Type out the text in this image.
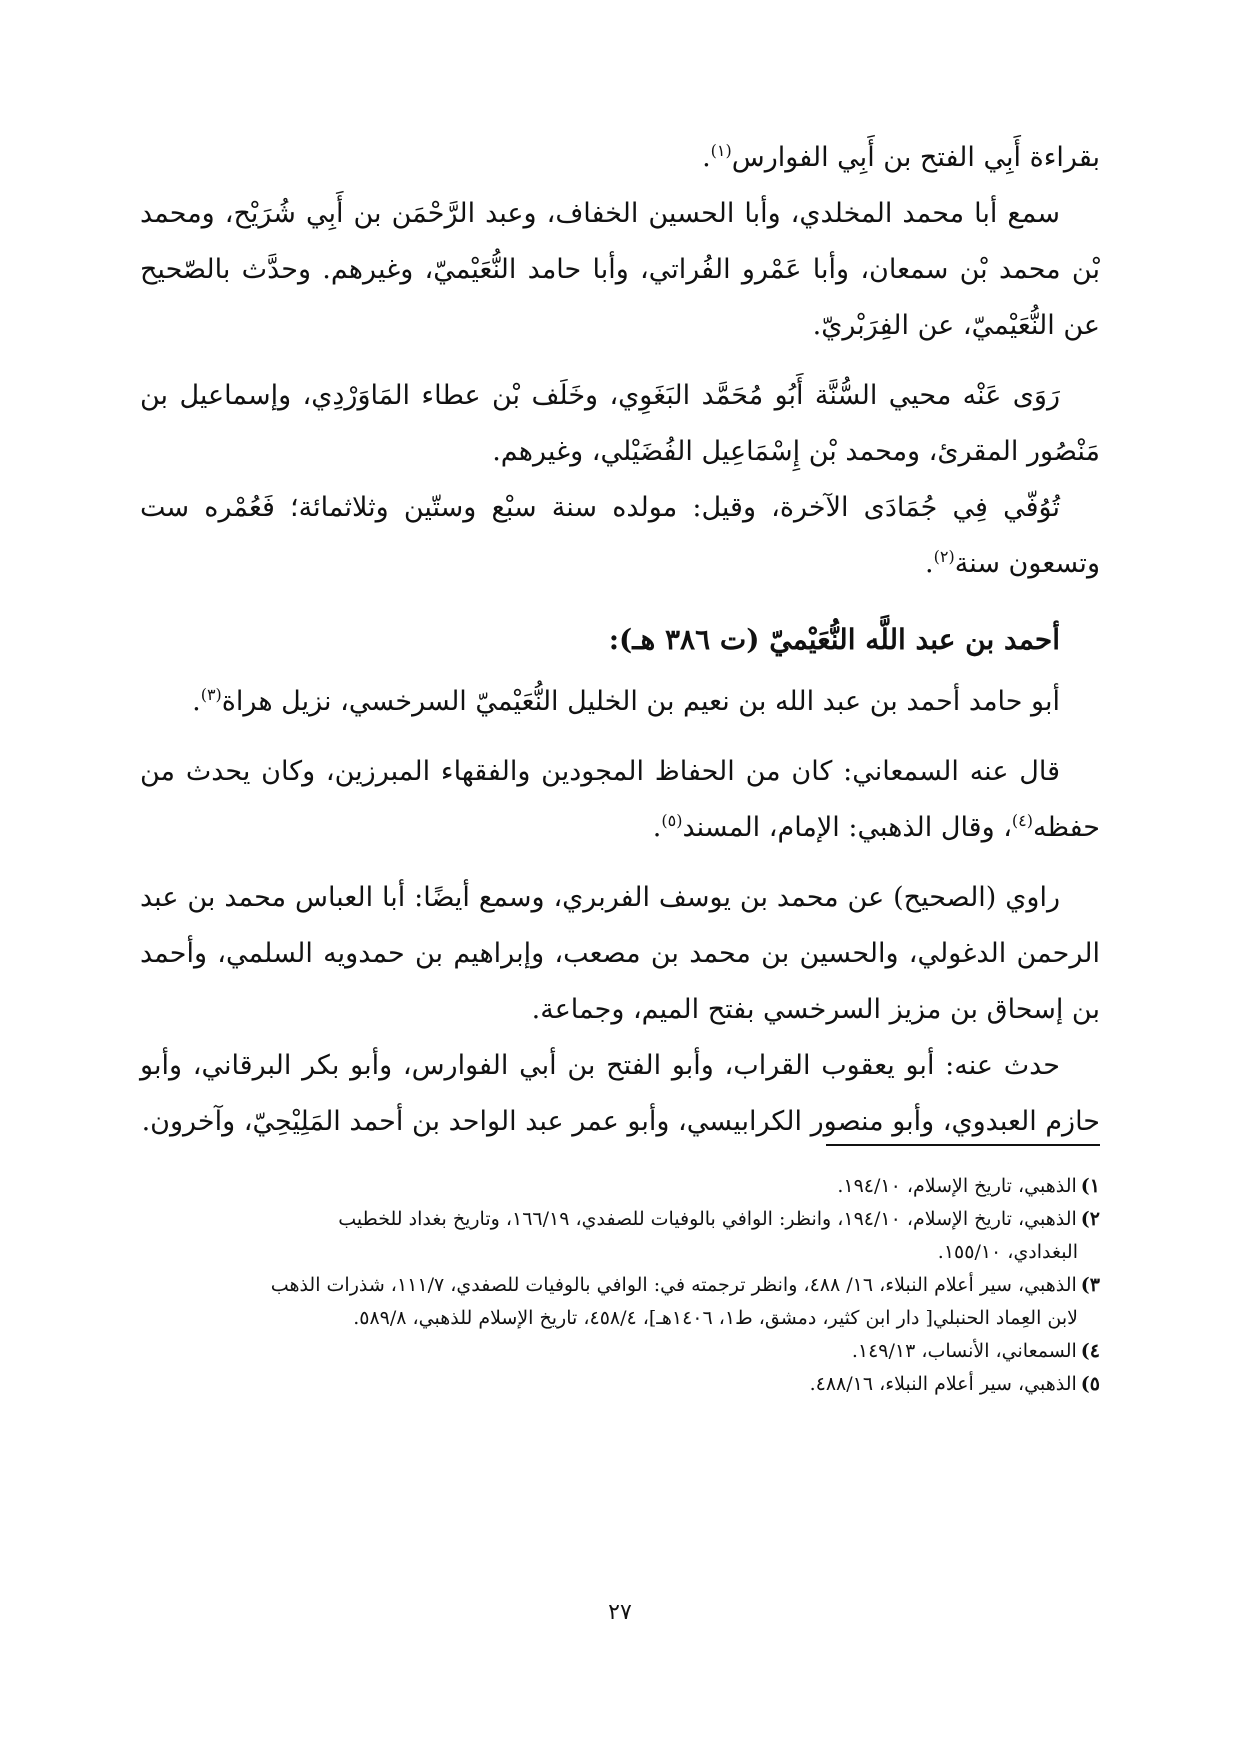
بقراءة أَبِي الفتح بن أَبِي الفوارس$^{(١)}$.

سمع أبا محمد المخلدي، وأبا الحسين الخفاف، وعبد الرَّحْمَن بن أَبِي شُرَيْح، ومحمد بْن محمد بْن سمعان، وأبا عَمْرو الفُراتي، وأبا حامد النُّعَيْميّ، وغيرهم. وحدَّث بالصّحيح عن النُّعَيْميّ، عن الفِرَبْريّ.

رَوَى عَنْه محيي السُّنَّة أَبُو مُحَمَّد البَغَوِي، وخَلَف بْن عطاء المَاوَرْدِي، وإسماعيل بن مَنْصُور المقرئ، ومحمد بْن إِسْمَاعِيل الفُضَيْلي، وغيرهم.

تُوُفّي فِي جُمَادَى الآخرة، وقيل: مولده سنة سبْع وستّين وثلاثمائة؛ فَعُمْره ست وتسعون سنة$^{(٢)}$.

أحمد بن عبد اللَّه النُّعَيْميّ (ت ٣٨٦ هـ):

أبو حامد أحمد بن عبد الله بن نعيم بن الخليل النُّعَيْميّ السرخسي، نزيل هراة$^{(٣)}$.

قال عنه السمعاني: كان من الحفاظ المجودين والفقهاء المبرزين، وكان يحدث من حفظه$^{(٤)}$، وقال الذهبي: الإمام، المسند$^{(٥)}$.

راوي (الصحيح) عن محمد بن يوسف الفربري، وسمع أيضًا: أبا العباس محمد بن عبد الرحمن الدغولي، والحسين بن محمد بن مصعب، وإبراهيم بن حمدويه السلمي، وأحمد بن إسحاق بن مزيز السرخسي بفتح الميم، وجماعة.

حدث عنه: أبو يعقوب القراب، وأبو الفتح بن أبي الفوارس، وأبو بكر البرقاني، وأبو حازم العبدوي، وأبو منصور الكرابيسي، وأبو عمر عبد الواحد بن أحمد المَلِيْحِيّ، وآخرون.

١)الذهبي، تاريخ الإسلام، ١٩٤/١٠.

٢)الذهبي، تاريخ الإسلام، ١٩٤/١٠، وانظر: الوافي بالوفيات للصفدي، ١٦٦/١٩، وتاريخ بغداد للخطيب
البغدادي، ١٥٥/١٠.

٣)الذهبي، سير أعلام النبلاء، ١٦/ ٤٨٨، وانظر ترجمته في: الوافي بالوفيات للصفدي، ١١١/٧، شذرات الذهب
لابن العِماد الحنبلي[ دار ابن كثير، دمشق، ط١، ١٤٠٦هـ]، ٤٥٨/٤، تاريخ الإسلام للذهبي، ٥٨٩/٨.

٤)السمعاني، الأنساب، ١٤٩/١٣.

٥)الذهبي، سير أعلام النبلاء، ٤٨٨/١٦.

٢٧
